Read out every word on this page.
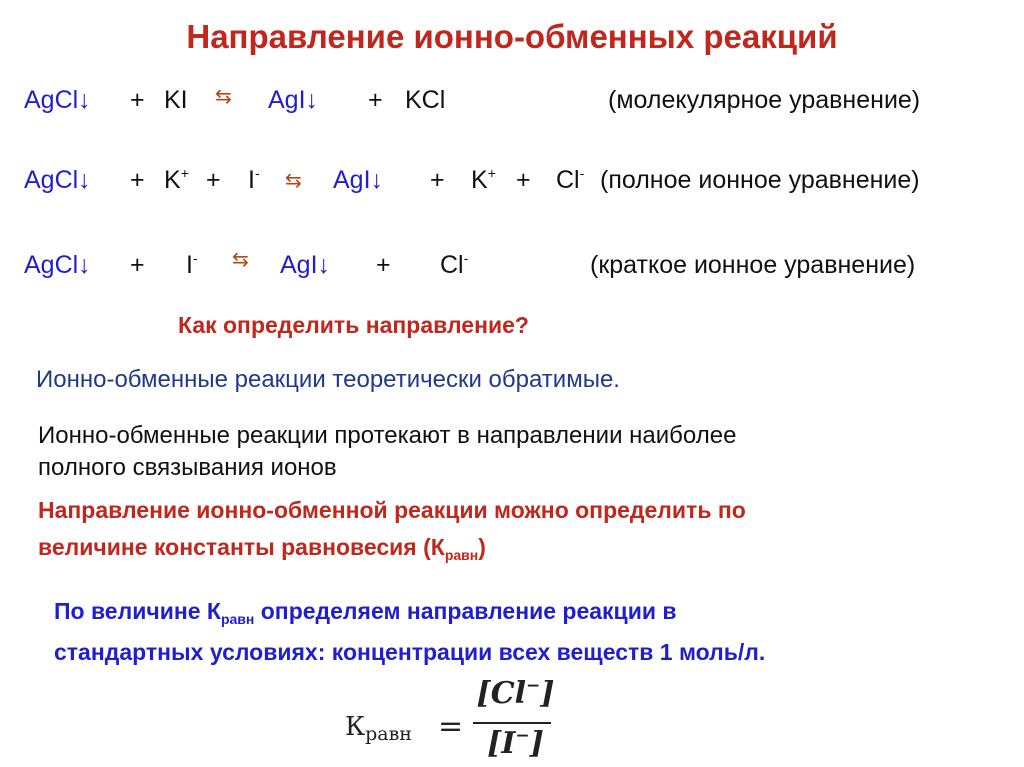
Направление ионно-обменных реакций
AgCl↓ + KI ⇆ AgI↓ + KCl	(молекулярное уравнение)
AgCl↓ + K+ + I- ⇆ AgI↓ + K+ + Cl- (полное ионное уравнение)
AgCl↓ + I- ⇆ AgI↓ + Cl-	(краткое ионное уравнение)
Как определить направление?
Ионно-обменные реакции теоретически обратимые.
Ионно-обменные реакции протекают в направлении наиболее
полного связывания ионов
Направление ионно-обменной реакции можно определить по
величине константы равновесия $(К_{равн})$
По величине $К_{равн}$ определяем направление реакции в
стандартных условиях: концентрации всех веществ 1 моль/л.
$К_{равн}$ =
[Cl−]
[I−]
